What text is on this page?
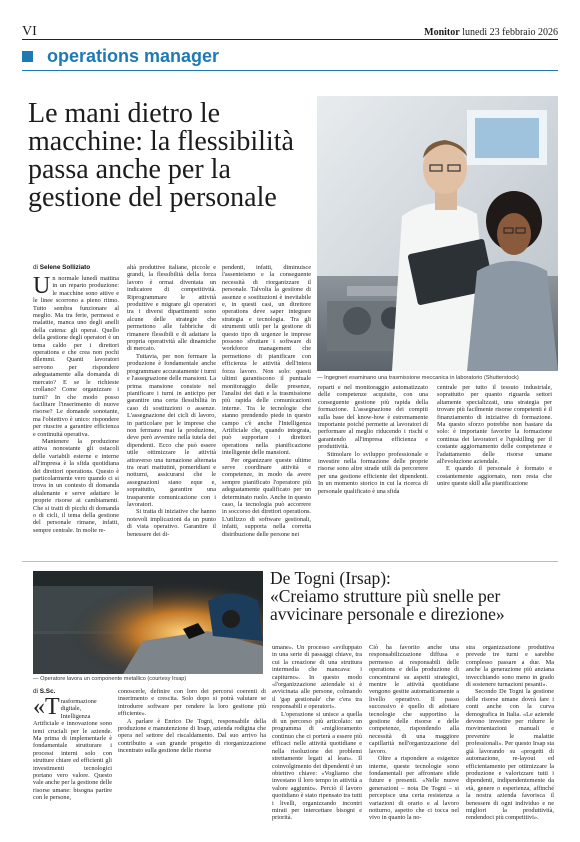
VI	Monitor lunedì 23 febbraio 2026
operations manager
Le mani dietro le macchine: la flessibilità passa anche per la gestione del personale
— Ingegneri esaminano una trasmissione meccanica in laboratorio (Shutterstock)
di Selene Solliziato

Un normale lunedì mattina in un reparto produzione: le macchine sono attive e le linee scorrono a pieno ritmo. Tutto sembra funzionare al meglio. Ma tra ferie, permessi e malattie, manca uno degli anelli della catena: gli operai. Quello della gestione degli operatori è un tema caldo per i direttori operations e che crea non pochi dilemmi. Quanti lavoratori servono per rispondere adeguatamente alla domanda di mercato? E se le richieste crollano? Come organizzare i turni? In che modo posso facilitare l'inserimento di nuove risorse? Le domande sonotante, ma l'obiettivo è unico: rispondere per riuscire a garantire efficienza e continuità operativa.

Mantenere la produzione attiva nonostante gli ostacoli delle variabili esterne e interne all'impresa è la sfida quotidiana dei direttori operations. Questo è particolarmente vero quando ci si trova in un contesto di domanda altalenante e serve adattare le proprie risorse ai cambiamenti. Che si tratti di picchi di domanda o di cicli, il tema della gestione del personale rimane, infatti, sempre centrale. In molte re-

altà produttive italiane, piccole e grandi, la flessibilità della forza lavoro è ormai diventata un indicatore di competitività. Riprogrammare le attività produttive e migrare gli operatori tra i diversi dipartimenti sono alcune delle strategie che permettono alle fabbriche di rimanere flessibili e di adattare la propria operatività alle dinamiche di mercato.

Tuttavia, per non fermare la produzione è fondamentale anche programmare accuratamente i turni e l'assegnazione delle mansioni. La prima mansione consiste nel pianificare i turni in anticipo per garantire una certa flessibilità in caso di sostituzioni o assenze. L'assegnazione dei cicli di lavoro, in particolare per le imprese che non fermano mai la produzione, deve però avvenire nella tutela dei dipendenti. Ecco che può essere utile ottimizzare le attività attraverso una turnazione alternata tra orari mattutini, pomeridiani e notturni, assicurarsi che le assegnazioni siano eque e, soprattutto, garantire una trasparente comunicazione con i lavoratori.

Si tratta di iniziative che hanno notevoli implicazioni da un punto di vista operativo. Garantire il benessere dei di-

pendenti, infatti, diminuisce l'assenteismo e la conseguente necessità di riorganizzare il personale. Talvolta la gestione di assenze e sostituzioni è inevitabile e, in questi casi, un direttore operations deve saper integrare strategia e tecnologia. Tra gli strumenti utili per la gestione di questo tipo di urgenze le imprese possono sfruttare i software di workforce management che permettono di pianificare con efficienza le attività dell'intera forza lavoro. Non solo: questi ultimi garantiscono il puntuale monitoraggio delle presenze, l'analisi dei dati e la trasmissione più rapida delle comunicazioni interne. Tra le tecnologie che stanno prendendo piede in questo campo c'è anche l'Intelligenza Artificiale che, quando integrata, può supportare i direttori operations nella pianificazione intelligente delle mansioni.

Per organizzare queste ultime serve coordinare attività e competenze, in modo da avere sempre pianificato l'operatore più adeguatamente qualificato per un determinato ruolo. Anche in questo caso, la tecnologia può accorrere in soccorso dei direttori operations. L'utilizzo di software gestionali, infatti, supporta nella corretta distribuzione delle persone nei

reparti e nel monitoraggio automatizzato delle competenze acquisite, con una conseguente gestione più rapida della formazione. L'assegnazione dei compiti sulla base del know-how è estremamente importante poiché permette ai lavoratori di performare al meglio riducendo i rischi e garantendo all'impresa efficienza e produttività.

Stimolare lo sviluppo professionale e investire nella formazione delle proprie risorse sono altre strade utili da percorrere per una gestione efficiente dei dipendenti. In un momento storico in cui la ricerca di personale qualificato è una sfida

centrale per tutto il tessuto industriale, soprattutto per quanto riguarda settori altamente specializzati, una strategia per trovare più facilmente risorse competenti è il finanziamento di iniziative di formazione. Ma questo sforzo potrebbe non bastare da solo: è importante favorire la formazione continua dei lavoratori e l'upskilling per il costante aggiornamento delle competenze e l'adattamento delle risorse umane all'evoluzione aziendale.

E quando il personale è formato e costantemente aggiornato, non resta che unire queste skill alla pianificazione

— Operatore lavora un componente metallico (courtesy Irsap)
De Togni (Irsap):
«Creiamo strutture più snelle per avvicinare personale e direzione»
di S.Sc.

«Trasformazione digitale, Intelligenza Artificiale e innovazione sono temi cruciali per le aziende. Ma prima di implementarle è fondamentale strutturare i processi interni solo con strutture chiare ed efficienti gli investimenti tecnologici portano vero valore. Questo vale anche per la gestione delle risorse umane: bisogna partire con le persone,

conoscerle, definire con loro dei percorsi coerenti di inserimento e crescita. Solo dopo si potrà valutare se introdurre software per rendere la loro gestione più efficiente».

A parlare è Enrico De Togni, responsabile della produzione e manutenzione di Irsap, azienda rodigina che opera nel settore del riscaldamento. Dal suo arrivo ha contribuito a «un grande progetto di riorganizzazione incentrato sulla gestione delle risorse

umane». Un processo «sviluppato in una serie di passaggi chiave, tra cui la creazione di una struttura intermedia che mancava: i capiturno». In questo modo «l'organizzazione aziendale si è avvicinata alle persone, colmando il 'gap gestionale' che c'era tra responsabili e operatori».

L'operazione si unisce a quella di un percorso più articolato: un programma di «miglioramento continuo che ci porterà a essere più efficaci nelle attività quotidiane e nella risoluzione dei problemi strettamente legati al lean». Il coinvolgimento dei dipendenti è un obiettivo chiave: «Vogliamo che investano il loro tempo in attività a valore aggiunto». Perciò il lavoro quotidiano è stato ripensato tra tutti i livelli, organizzando incontri mirati per intercettare bisogni e priorità.

Ciò ha favorito anche una responsabilizzazione diffusa e permesso ai responsabili delle operations e della produzione di concentrarsi su aspetti strategici, mentre le attività quotidiane vengono gestite automaticamente a livello operativo. Il passo successivo è quello di adottare tecnologie che supportino la gestione delle risorse e delle competenze, rispondendo alla necessità di una maggiore capillarità nell'organizzazione del lavoro.

Oltre a rispondere a esigenze interne, queste tecnologie sono fondamentali per affrontare sfide future e presenti. «Nelle nuove generazioni – nota De Togni – si percepisce una certa resistenza a variazioni di orario e al lavoro notturno, aspetto che ci tocca nel vivo in quanto la no-

stra organizzazione produttiva prevede tre turni e sarebbe complesso passare a due. Ma anche la generazione più anziana invecchiando sono meno in grado di sostenere turnazioni pesanti».

Secondo De Togni la gestione delle risorse umane dovrà fare i conti anche con la curva demografica in Italia. «Le aziende devono investire per ridurre le movimentazioni manuali e prevenire le malattie professionali». Per questo Irsap sta già lavorando su «progetti di automazione, re-layout ed efficientamento per ottimizzare la produzione e valorizzare tutti i dipendenti, indipendentemente da età, genere o esperienza, affinché la nostra azienda favorisca il benessere di ogni individuo e ne migliori la produttività, rendendoci più competitivi».
